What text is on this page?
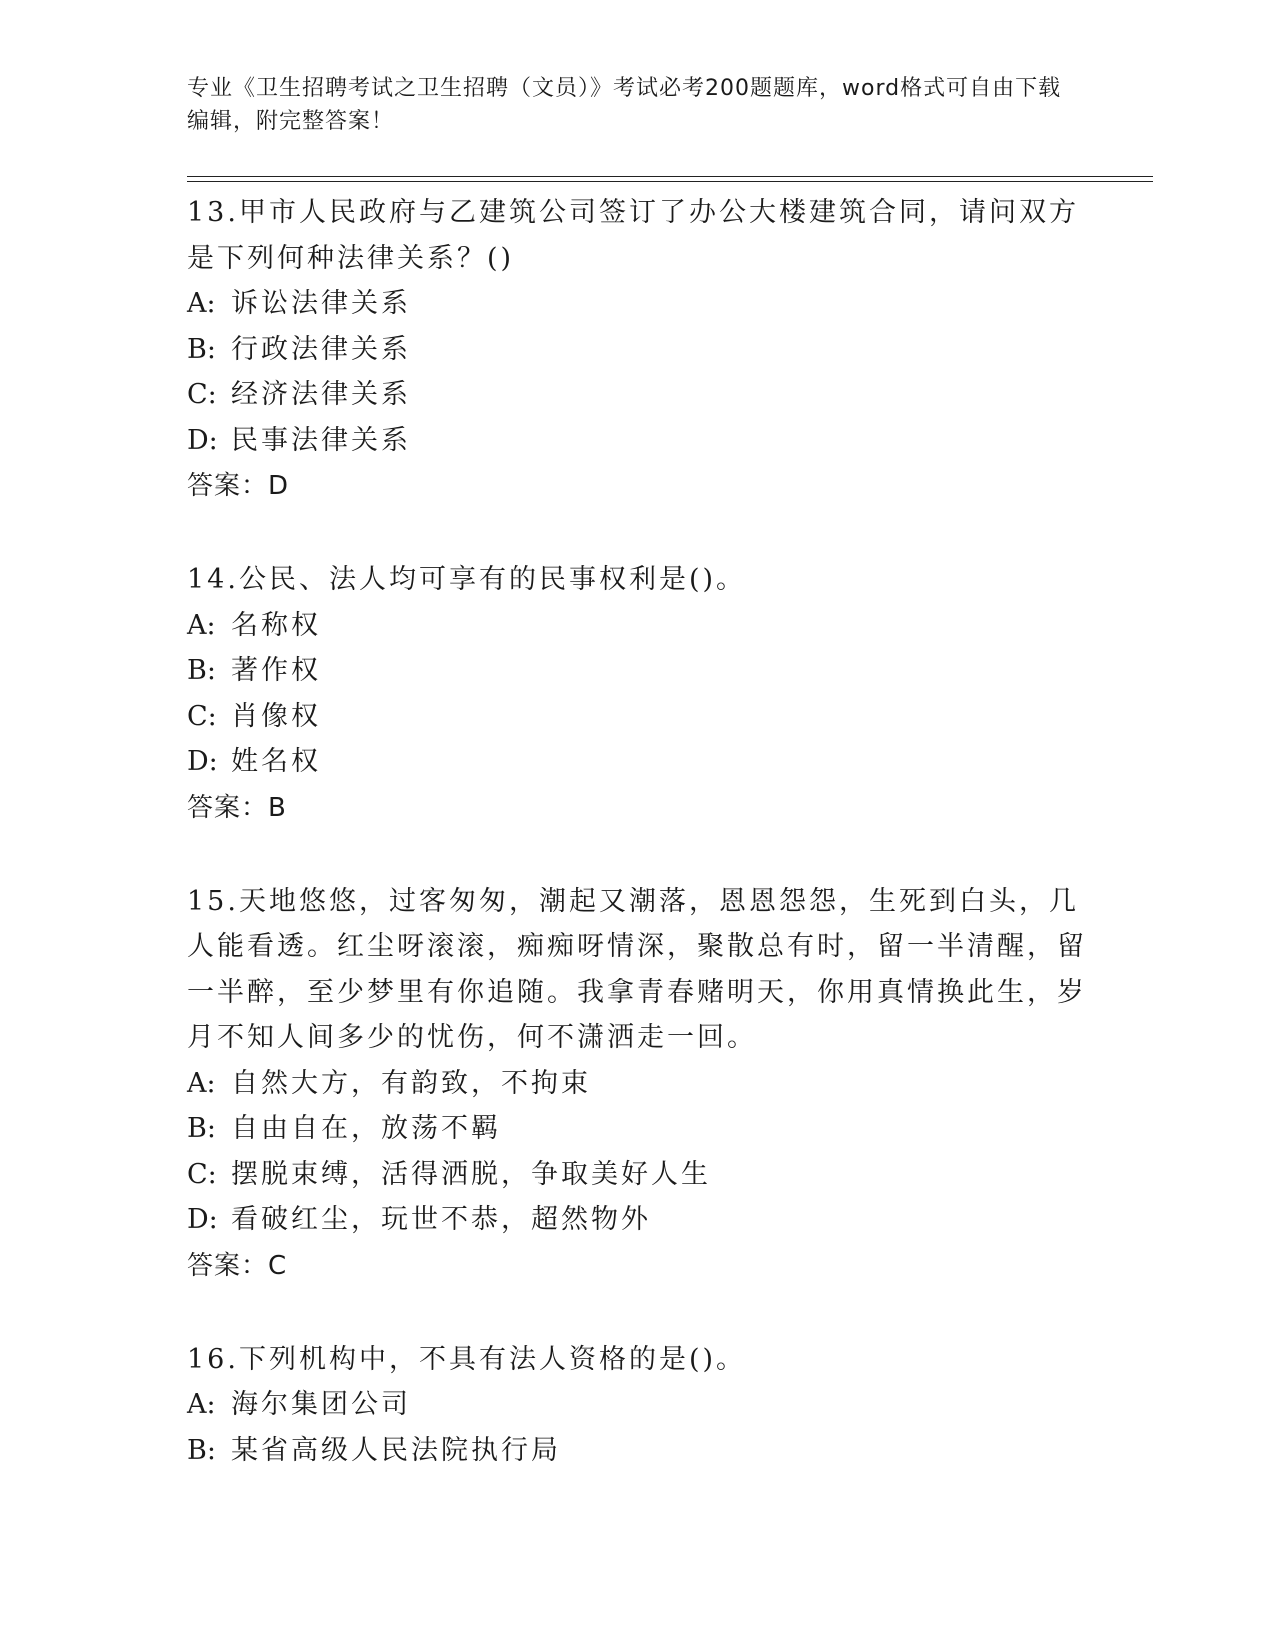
专业《卫生招聘考试之卫生招聘（文员）》考试必考200题题库，word格式可自由下载编辑，附完整答案！
13.甲市人民政府与乙建筑公司签订了办公大楼建筑合同，请问双方是下列何种法律关系？()
A: 诉讼法律关系
B: 行政法律关系
C: 经济法律关系
D: 民事法律关系
答案：D
14.公民、法人均可享有的民事权利是()。
A: 名称权
B: 著作权
C: 肖像权
D: 姓名权
答案：B
15.天地悠悠，过客匆匆，潮起又潮落，恩恩怨怨，生死到白头，几人能看透。红尘呀滚滚，痴痴呀情深，聚散总有时，留一半清醒，留一半醉，至少梦里有你追随。我拿青春赌明天，你用真情换此生，岁月不知人间多少的忧伤，何不潇洒走一回。
A: 自然大方，有韵致，不拘束
B: 自由自在，放荡不羁
C: 摆脱束缚，活得洒脱，争取美好人生
D: 看破红尘，玩世不恭，超然物外
答案：C
16.下列机构中，不具有法人资格的是()。
A: 海尔集团公司
B: 某省高级人民法院执行局
